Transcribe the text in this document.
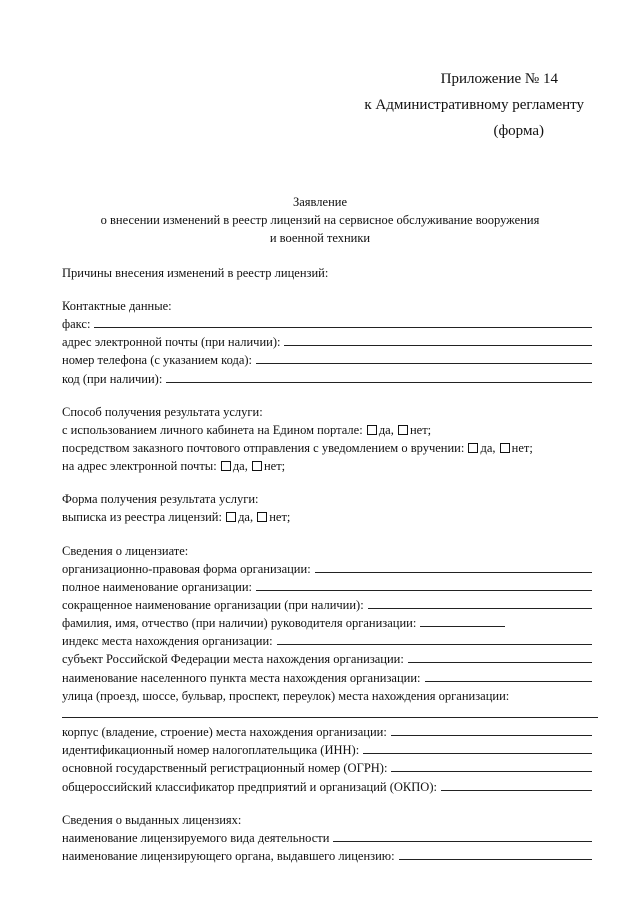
Приложение № 14
к Административному регламенту
(форма)
Заявление
о внесении изменений в реестр лицензий на сервисное обслуживание вооружения
и военной техники
Причины внесения изменений в реестр лицензий:
Контактные данные:
факс:
адрес электронной почты (при наличии):
номер телефона (с указанием кода):
код (при наличии):
Способ получения результата услуги:
с использованием личного кабинета на Едином портале: да, нет;
посредством заказного почтового отправления с уведомлением о вручении: да, нет;
на адрес электронной почты: да, нет;
Форма получения результата услуги:
выписка из реестра лицензий: да, нет;
Сведения о лицензиате:
организационно-правовая форма организации:
полное наименование организации:
сокращенное наименование организации (при наличии):
фамилия, имя, отчество (при наличии) руководителя организации:
индекс места нахождения организации:
субъект Российской Федерации места нахождения организации:
наименование населенного пункта места нахождения организации:
улица (проезд, шоссе, бульвар, проспект, переулок) места нахождения организации:
корпус (владение, строение) места нахождения организации:
идентификационный номер налогоплательщика (ИНН):
основной государственный регистрационный номер (ОГРН):
общероссийский классификатор предприятий и организаций (ОКПО):
Сведения о выданных лицензиях:
наименование лицензируемого вида деятельности
наименование лицензирующего органа, выдавшего лицензию:
